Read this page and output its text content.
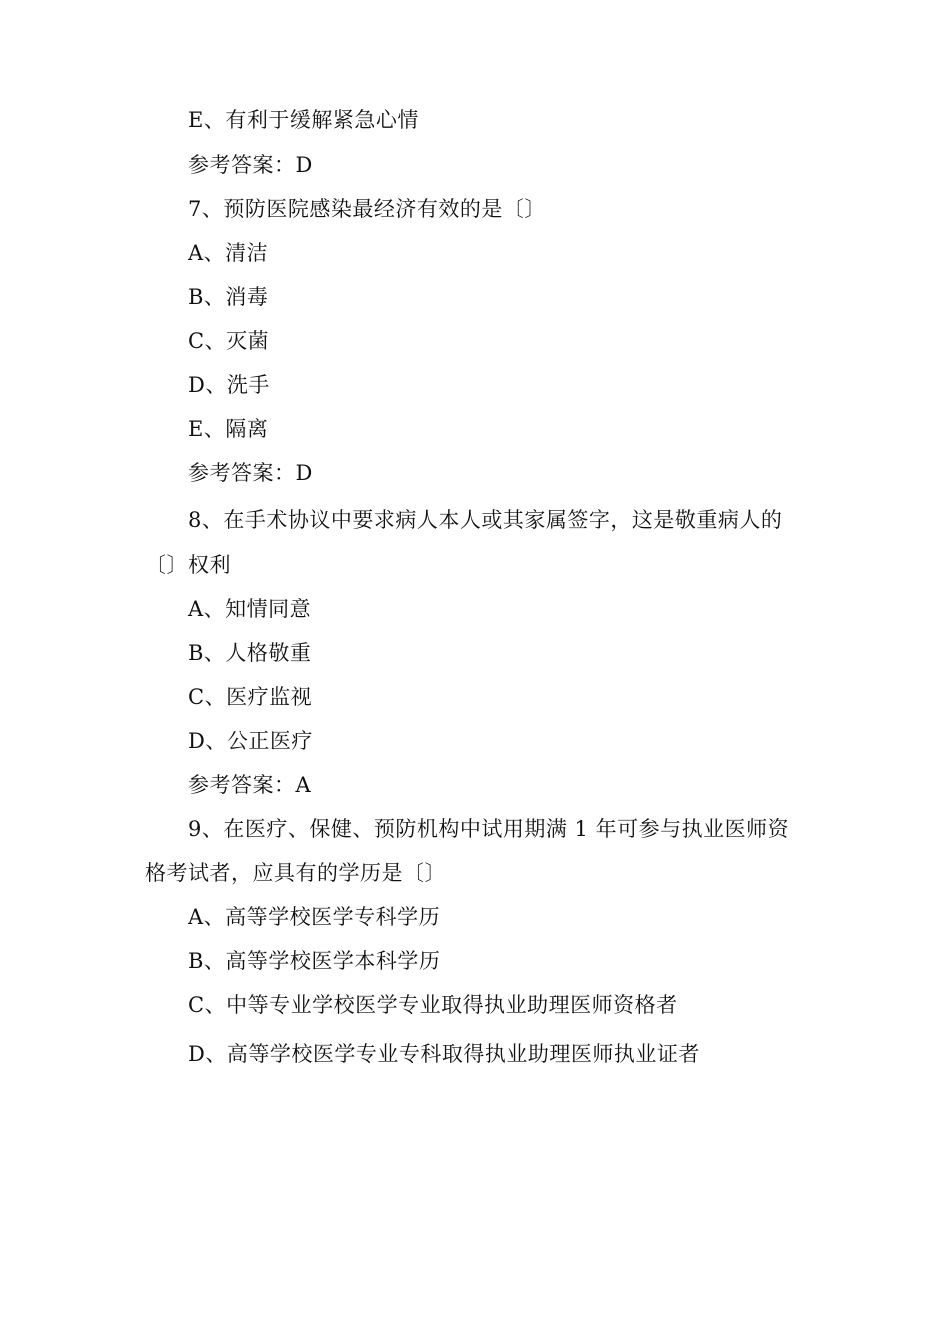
E、有利于缓解紧急心情
参考答案：D
7、预防医院感染最经济有效的是〔〕
A、清洁
B、消毒
C、灭菌
D、洗手
E、隔离
参考答案：D
8、在手术协议中要求病人本人或其家属签字，这是敬重病人的
〔〕权利
A、知情同意
B、人格敬重
C、医疗监视
D、公正医疗
参考答案：A
9、在医疗、保健、预防机构中试用期满 1 年可参与执业医师资
格考试者，应具有的学历是〔〕
A、高等学校医学专科学历
B、高等学校医学本科学历
C、中等专业学校医学专业取得执业助理医师资格者
D、高等学校医学专业专科取得执业助理医师执业证者
